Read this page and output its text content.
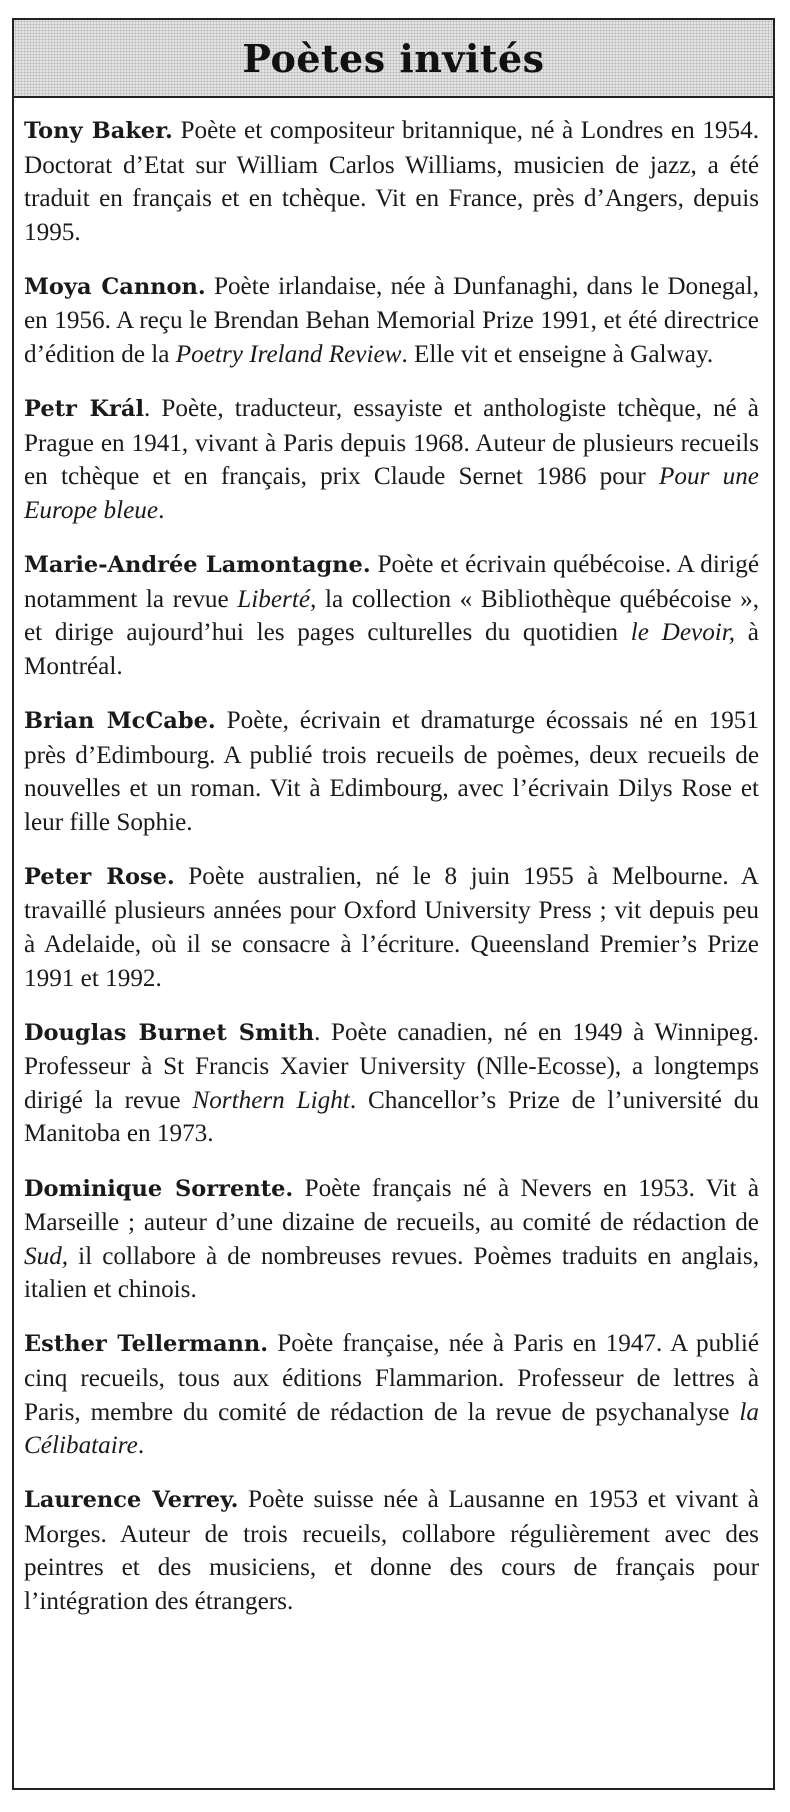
Poètes invités

Tony Baker. Poète et compositeur britannique, né à Londres en 1954. Doctorat d’Etat sur William Carlos Williams, musicien de jazz, a été traduit en français et en tchèque. Vit en France, près d’Angers, depuis 1995.

Moya Cannon. Poète irlandaise, née à Dunfanaghi, dans le Donegal, en 1956. A reçu le Brendan Behan Memorial Prize 1991, et été directrice d’édition de la Poetry Ireland Review. Elle vit et enseigne à Galway.

Petr Král. Poète, traducteur, essayiste et anthologiste tchèque, né à Prague en 1941, vivant à Paris depuis 1968. Auteur de plusieurs recueils en tchèque et en français, prix Claude Sernet 1986 pour Pour une Europe bleue.

Marie-Andrée Lamontagne. Poète et écrivain québécoise. A dirigé notamment la revue Liberté, la collection « Bibliothèque québécoise », et dirige aujourd’hui les pages culturelles du quotidien le Devoir, à Montréal.

Brian McCabe. Poète, écrivain et dramaturge écossais né en 1951 près d’Edimbourg. A publié trois recueils de poèmes, deux recueils de nouvelles et un roman. Vit à Edimbourg, avec l’écrivain Dilys Rose et leur fille Sophie.

Peter Rose. Poète australien, né le 8 juin 1955 à Melbourne. A travaillé plusieurs années pour Oxford University Press ; vit depuis peu à Adelaide, où il se consacre à l’écriture. Queensland Premier’s Prize 1991 et 1992.

Douglas Burnet Smith. Poète canadien, né en 1949 à Winnipeg. Professeur à St Francis Xavier University (Nlle-Ecosse), a longtemps dirigé la revue Northern Light. Chancellor’s Prize de l’université du Manitoba en 1973.

Dominique Sorrente. Poète français né à Nevers en 1953. Vit à Marseille ; auteur d’une dizaine de recueils, au comité de rédaction de Sud, il collabore à de nombreuses revues. Poèmes traduits en anglais, italien et chinois.

Esther Tellermann. Poète française, née à Paris en 1947. A publié cinq recueils, tous aux éditions Flammarion. Professeur de lettres à Paris, membre du comité de rédaction de la revue de psychanalyse la Célibataire.

Laurence Verrey. Poète suisse née à Lausanne en 1953 et vivant à Morges. Auteur de trois recueils, collabore régulièrement avec des peintres et des musiciens, et donne des cours de français pour l’intégration des étrangers.
